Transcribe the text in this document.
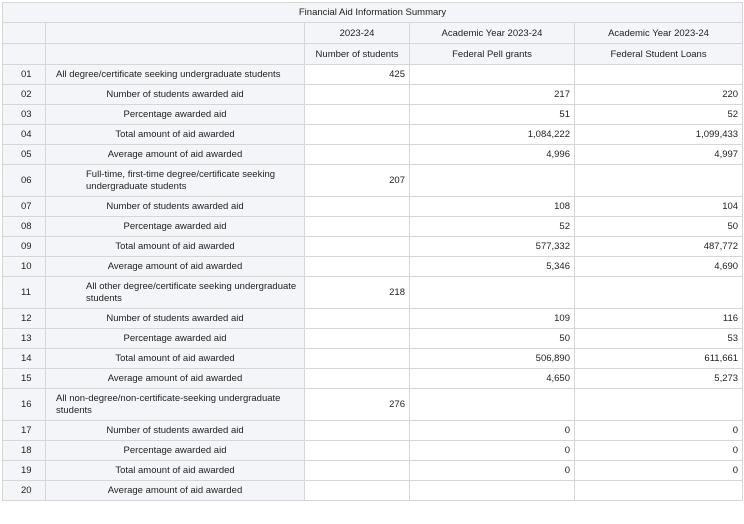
Financial Aid Information Summary				
		2023-24	Academic Year 2023-24	Academic Year 2023-24
		Number of students	Federal Pell grants	Federal Student Loans
01	All degree/certificate seeking undergraduate students	425		
02	Number of students awarded aid		217	220
03	Percentage awarded aid		51	52
04	Total amount of aid awarded		1,084,222	1,099,433
05	Average amount of aid awarded		4,996	4,997
06	Full-time, first-time degree/certificate seeking undergraduate students	207		
07	Number of students awarded aid		108	104
08	Percentage awarded aid		52	50
09	Total amount of aid awarded		577,332	487,772
10	Average amount of aid awarded		5,346	4,690
11	All other degree/certificate seeking undergraduate students	218		
12	Number of students awarded aid		109	116
13	Percentage awarded aid		50	53
14	Total amount of aid awarded		506,890	611,661
15	Average amount of aid awarded		4,650	5,273
16	All non-degree/non-certificate-seeking undergraduate students	276		
17	Number of students awarded aid		0	0
18	Percentage awarded aid		0	0
19	Total amount of aid awarded		0	0
20	Average amount of aid awarded			
